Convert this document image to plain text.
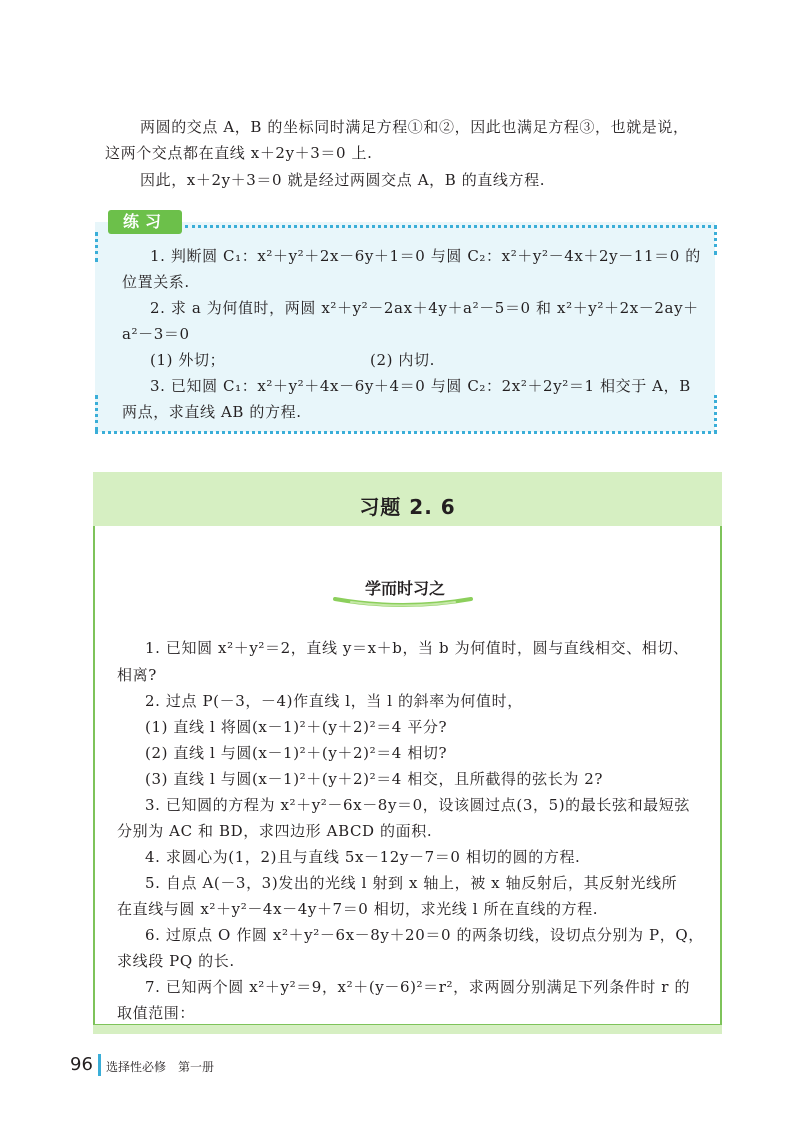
两圆的交点 A，B 的坐标同时满足方程①和②，因此也满足方程③，也就是说，
这两个交点都在直线 x＋2y＋3＝0 上.
因此，x＋2y＋3＝0 就是经过两圆交点 A，B 的直线方程.
练习
1. 判断圆 C₁：x²＋y²＋2x－6y＋1＝0 与圆 C₂：x²＋y²－4x＋2y－11＝0 的
位置关系.
2. 求 a 为何值时，两圆 x²＋y²－2ax＋4y＋a²－5＝0 和 x²＋y²＋2x－2ay＋
a²－3＝0
(1) 外切；	(2) 内切.
3. 已知圆 C₁：x²＋y²＋4x－6y＋4＝0 与圆 C₂：2x²＋2y²＝1 相交于 A，B
两点，求直线 AB 的方程.
习题 2. 6
学而时习之
1. 已知圆 x²＋y²＝2，直线 y＝x＋b，当 b 为何值时，圆与直线相交、相切、
相离?
2. 过点 P(－3，－4)作直线 l，当 l 的斜率为何值时，
(1) 直线 l 将圆(x－1)²＋(y＋2)²＝4 平分?
(2) 直线 l 与圆(x－1)²＋(y＋2)²＝4 相切?
(3) 直线 l 与圆(x－1)²＋(y＋2)²＝4 相交，且所截得的弦长为 2?
3. 已知圆的方程为 x²＋y²－6x－8y＝0，设该圆过点(3，5)的最长弦和最短弦
分别为 AC 和 BD，求四边形 ABCD 的面积.
4. 求圆心为(1，2)且与直线 5x－12y－7＝0 相切的圆的方程.
5. 自点 A(－3，3)发出的光线 l 射到 x 轴上，被 x 轴反射后，其反射光线所
在直线与圆 x²＋y²－4x－4y＋7＝0 相切，求光线 l 所在直线的方程.
6. 过原点 O 作圆 x²＋y²－6x－8y＋20＝0 的两条切线，设切点分别为 P，Q，
求线段 PQ 的长.
7. 已知两个圆 x²＋y²＝9，x²＋(y－6)²＝r²，求两圆分别满足下列条件时 r 的
取值范围：
96 选择性必修　第一册
